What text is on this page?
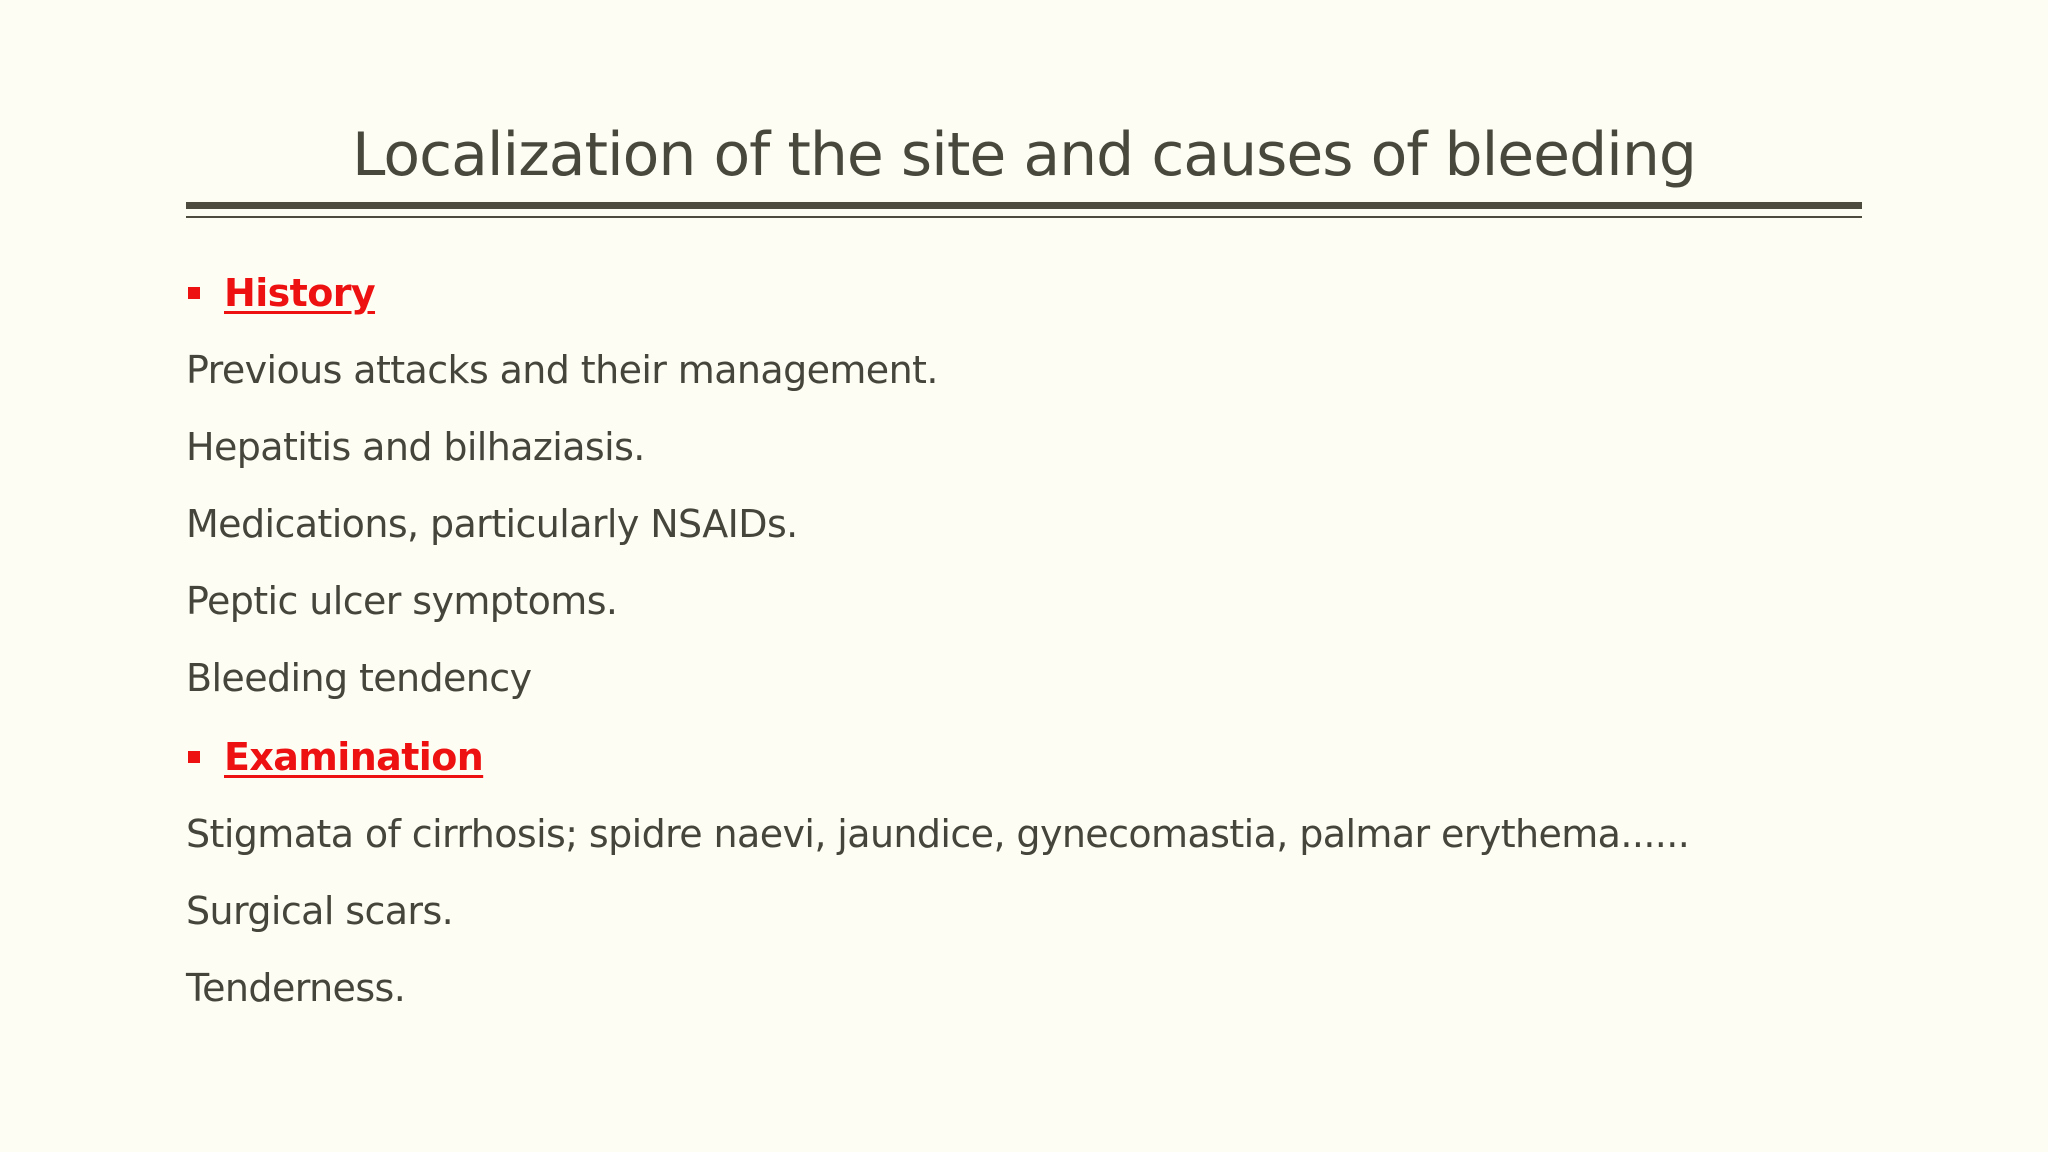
Localization of the site and causes of bleeding
History
Previous attacks and their management.
Hepatitis and bilhaziasis.
Medications, particularly NSAIDs.
Peptic ulcer symptoms.
Bleeding tendency
Examination
Stigmata of cirrhosis; spidre naevi, jaundice, gynecomastia, palmar erythema......
Surgical scars.
Tenderness.
